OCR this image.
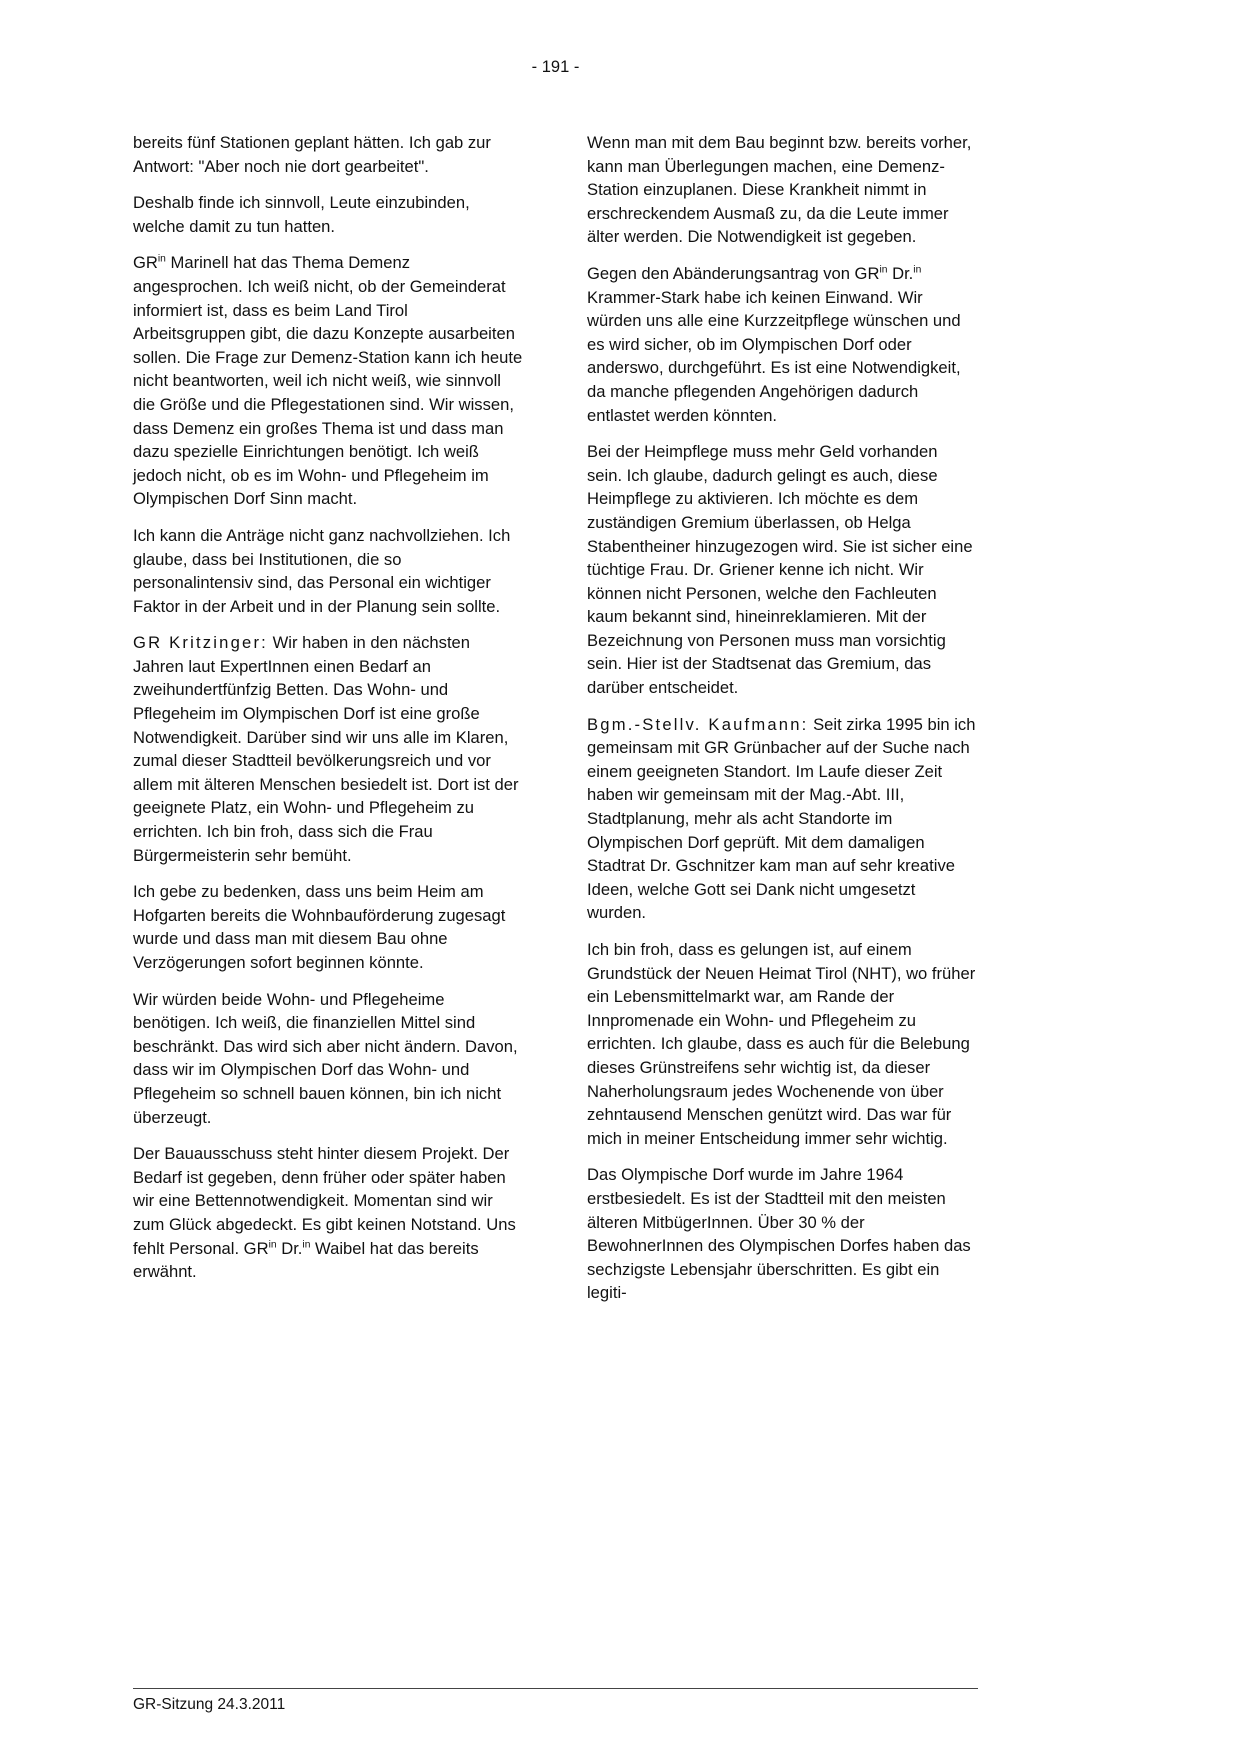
- 191 -

bereits fünf Stationen geplant hätten. Ich gab zur Antwort: "Aber noch nie dort gearbeitet".

Deshalb finde ich sinnvoll, Leute einzubinden, welche damit zu tun hatten.

$GR^{in}$ Marinell hat das Thema Demenz angesprochen. Ich weiß nicht, ob der Gemeinderat informiert ist, dass es beim Land Tirol Arbeitsgruppen gibt, die dazu Konzepte ausarbeiten sollen. Die Frage zur Demenz-Station kann ich heute nicht beantworten, weil ich nicht weiß, wie sinnvoll die Größe und die Pflegestationen sind. Wir wissen, dass Demenz ein großes Thema ist und dass man dazu spezielle Einrichtungen benötigt. Ich weiß jedoch nicht, ob es im Wohn- und Pflegeheim im Olympischen Dorf Sinn macht.

Ich kann die Anträge nicht ganz nachvollziehen. Ich glaube, dass bei Institutionen, die so personalintensiv sind, das Personal ein wichtiger Faktor in der Arbeit und in der Planung sein sollte.

GR Kritzinger: Wir haben in den nächsten Jahren laut ExpertInnen einen Bedarf an zweihundertfünfzig Betten. Das Wohn- und Pflegeheim im Olympischen Dorf ist eine große Notwendigkeit. Darüber sind wir uns alle im Klaren, zumal dieser Stadtteil bevölkerungsreich und vor allem mit älteren Menschen besiedelt ist. Dort ist der geeignete Platz, ein Wohn- und Pflegeheim zu errichten. Ich bin froh, dass sich die Frau Bürgermeisterin sehr bemüht.

Ich gebe zu bedenken, dass uns beim Heim am Hofgarten bereits die Wohnbauförderung zugesagt wurde und dass man mit diesem Bau ohne Verzögerungen sofort beginnen könnte.

Wir würden beide Wohn- und Pflegeheime benötigen. Ich weiß, die finanziellen Mittel sind beschränkt. Das wird sich aber nicht ändern. Davon, dass wir im Olympischen Dorf das Wohn- und Pflegeheim so schnell bauen können, bin ich nicht überzeugt.

Der Bauausschuss steht hinter diesem Projekt. Der Bedarf ist gegeben, denn früher oder später haben wir eine Bettennotwendigkeit. Momentan sind wir zum Glück abgedeckt. Es gibt keinen Notstand. Uns fehlt Personal. $GR^{in}$ Dr.$^{in}$ Waibel hat das bereits erwähnt.

Wenn man mit dem Bau beginnt bzw. bereits vorher, kann man Überlegungen machen, eine Demenz-Station einzuplanen. Diese Krankheit nimmt in erschreckendem Ausmaß zu, da die Leute immer älter werden. Die Notwendigkeit ist gegeben.

Gegen den Abänderungsantrag von $GR^{in}$ Dr.$^{in}$ Krammer-Stark habe ich keinen Einwand. Wir würden uns alle eine Kurzzeitpflege wünschen und es wird sicher, ob im Olympischen Dorf oder anderswo, durchgeführt. Es ist eine Notwendigkeit, da manche pflegenden Angehörigen dadurch entlastet werden könnten.

Bei der Heimpflege muss mehr Geld vorhanden sein. Ich glaube, dadurch gelingt es auch, diese Heimpflege zu aktivieren. Ich möchte es dem zuständigen Gremium überlassen, ob Helga Stabentheiner hinzugezogen wird. Sie ist sicher eine tüchtige Frau. Dr. Griener kenne ich nicht. Wir können nicht Personen, welche den Fachleuten kaum bekannt sind, hineinreklamieren. Mit der Bezeichnung von Personen muss man vorsichtig sein. Hier ist der Stadtsenat das Gremium, das darüber entscheidet.

Bgm.-Stellv. Kaufmann: Seit zirka 1995 bin ich gemeinsam mit GR Grünbacher auf der Suche nach einem geeigneten Standort. Im Laufe dieser Zeit haben wir gemeinsam mit der Mag.-Abt. III, Stadtplanung, mehr als acht Standorte im Olympischen Dorf geprüft. Mit dem damaligen Stadtrat Dr. Gschnitzer kam man auf sehr kreative Ideen, welche Gott sei Dank nicht umgesetzt wurden.

Ich bin froh, dass es gelungen ist, auf einem Grundstück der Neuen Heimat Tirol (NHT), wo früher ein Lebensmittelmarkt war, am Rande der Innpromenade ein Wohn- und Pflegeheim zu errichten. Ich glaube, dass es auch für die Belebung dieses Grünstreifens sehr wichtig ist, da dieser Naherholungsraum jedes Wochenende von über zehntausend Menschen genützt wird. Das war für mich in meiner Entscheidung immer sehr wichtig.

Das Olympische Dorf wurde im Jahre 1964 erstbesiedelt. Es ist der Stadtteil mit den meisten älteren MitbügerInnen. Über 30 % der BewohnerInnen des Olympischen Dorfes haben das sechzigste Lebensjahr überschritten. Es gibt ein legiti-

GR-Sitzung 24.3.2011
